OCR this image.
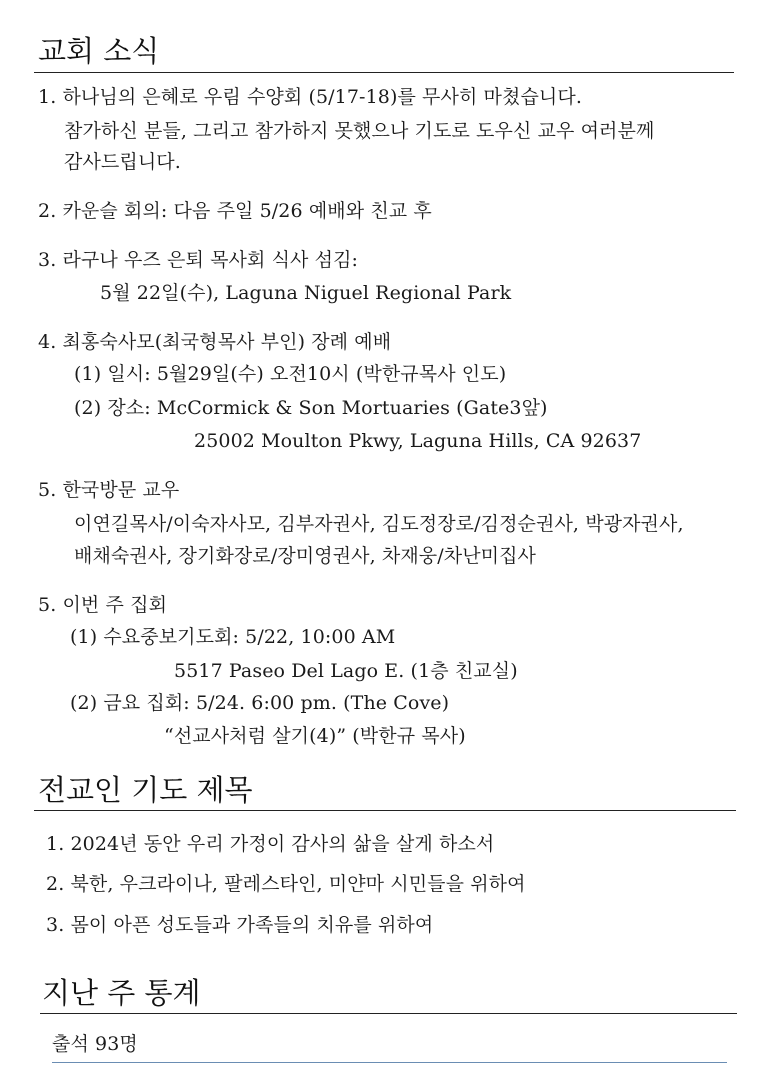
교회 소식
1. 하나님의 은혜로 우림 수양회 (5/17-18)를 무사히 마쳤습니다.
참가하신 분들, 그리고 참가하지 못했으나 기도로 도우신 교우 여러분께
감사드립니다.
2. 카운슬 회의: 다음 주일 5/26 예배와 친교 후
3. 라구나 우즈 은퇴 목사회 식사 섬김:
5월 22일(수), Laguna Niguel Regional Park
4. 최홍숙사모(최국형목사 부인) 장례 예배
(1) 일시: 5월29일(수) 오전10시 (박한규목사 인도)
(2) 장소: McCormick & Son Mortuaries (Gate3앞)
25002 Moulton Pkwy, Laguna Hills, CA 92637
5. 한국방문 교우
이연길목사/이숙자사모, 김부자권사, 김도정장로/김정순권사, 박광자권사,
배채숙권사, 장기화장로/장미영권사, 차재웅/차난미집사
5. 이번 주 집회
(1) 수요중보기도회: 5/22, 10:00 AM
5517 Paseo Del Lago E. (1층 친교실)
(2) 금요 집회: 5/24. 6:00 pm. (The Cove)
“선교사처럼 살기(4)” (박한규 목사)
전교인 기도 제목
1. 2024년 동안 우리 가정이 감사의 삶을 살게 하소서
2. 북한, 우크라이나, 팔레스타인, 미얀마 시민들을 위하여
3. 몸이 아픈 성도들과 가족들의 치유를 위하여
지난 주 통계
출석 93명
